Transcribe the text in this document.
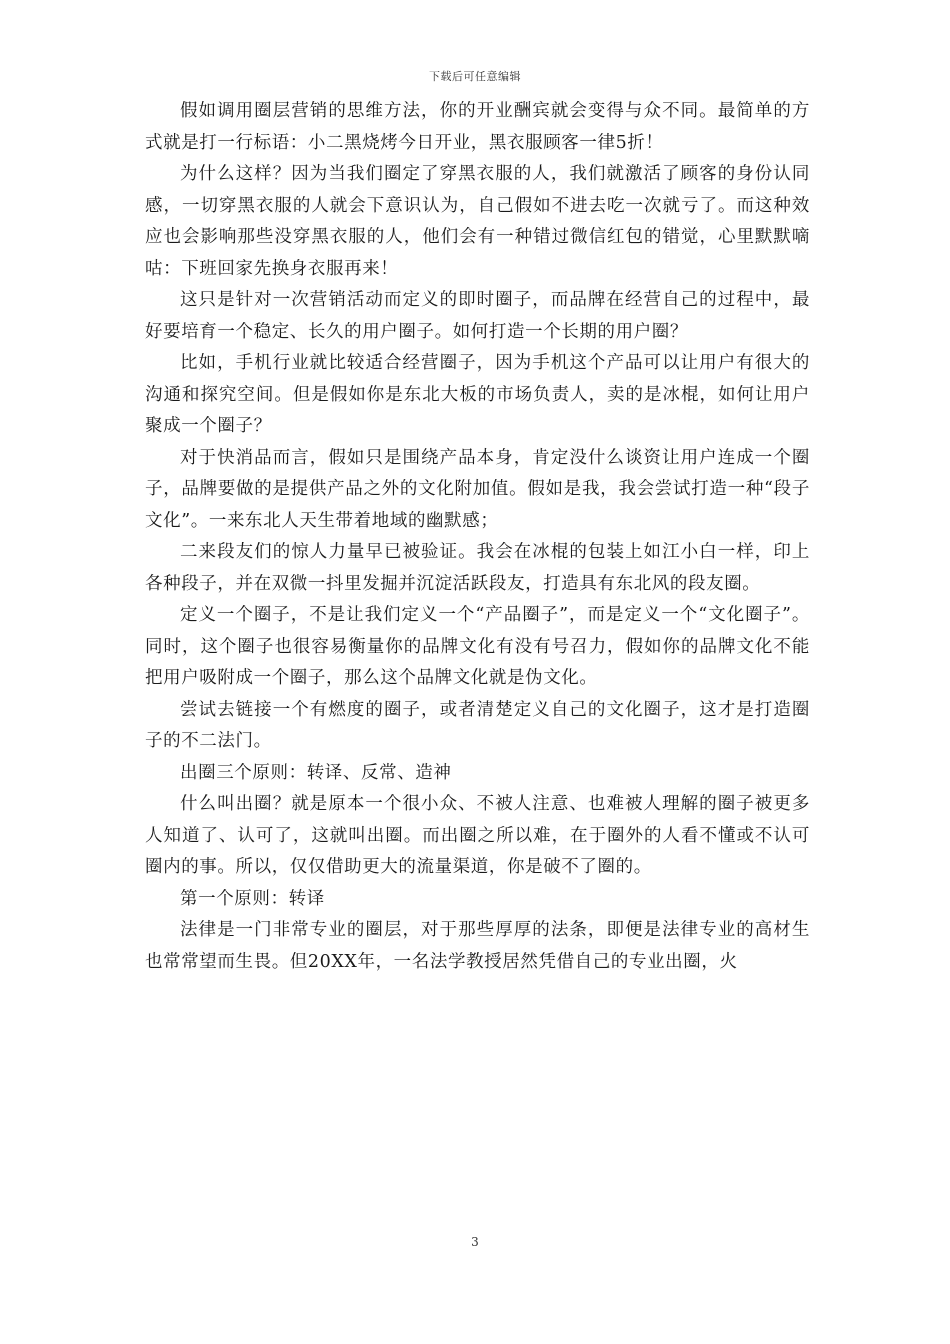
下载后可任意编辑

假如调用圈层营销的思维方法，你的开业酬宾就会变得与众不同。最简单的方式就是打一行标语：小二黑烧烤今日开业，黑衣服顾客一律5折！

为什么这样？因为当我们圈定了穿黑衣服的人，我们就激活了顾客的身份认同感，一切穿黑衣服的人就会下意识认为，自己假如不进去吃一次就亏了。而这种效应也会影响那些没穿黑衣服的人，他们会有一种错过微信红包的错觉，心里默默嘀咕：下班回家先换身衣服再来！

这只是针对一次营销活动而定义的即时圈子，而品牌在经营自己的过程中，最好要培育一个稳定、长久的用户圈子。如何打造一个长期的用户圈？

比如，手机行业就比较适合经营圈子，因为手机这个产品可以让用户有很大的沟通和探究空间。但是假如你是东北大板的市场负责人，卖的是冰棍，如何让用户聚成一个圈子？

对于快消品而言，假如只是围绕产品本身，肯定没什么谈资让用户连成一个圈子，品牌要做的是提供产品之外的文化附加值。假如是我，我会尝试打造一种“段子文化”。一来东北人天生带着地域的幽默感；

二来段友们的惊人力量早已被验证。我会在冰棍的包装上如江小白一样，印上各种段子，并在双微一抖里发掘并沉淀活跃段友，打造具有东北风的段友圈。

定义一个圈子，不是让我们定义一个“产品圈子”，而是定义一个“文化圈子”。同时，这个圈子也很容易衡量你的品牌文化有没有号召力，假如你的品牌文化不能把用户吸附成一个圈子，那么这个品牌文化就是伪文化。

尝试去链接一个有燃度的圈子，或者清楚定义自己的文化圈子，这才是打造圈子的不二法门。

出圈三个原则：转译、反常、造神

什么叫出圈？就是原本一个很小众、不被人注意、也难被人理解的圈子被更多人知道了、认可了，这就叫出圈。而出圈之所以难，在于圈外的人看不懂或不认可圈内的事。所以，仅仅借助更大的流量渠道，你是破不了圈的。

第一个原则：转译

法律是一门非常专业的圈层，对于那些厚厚的法条，即便是法律专业的高材生也常常望而生畏。但20XX年，一名法学教授居然凭借自己的专业出圈，火

3
